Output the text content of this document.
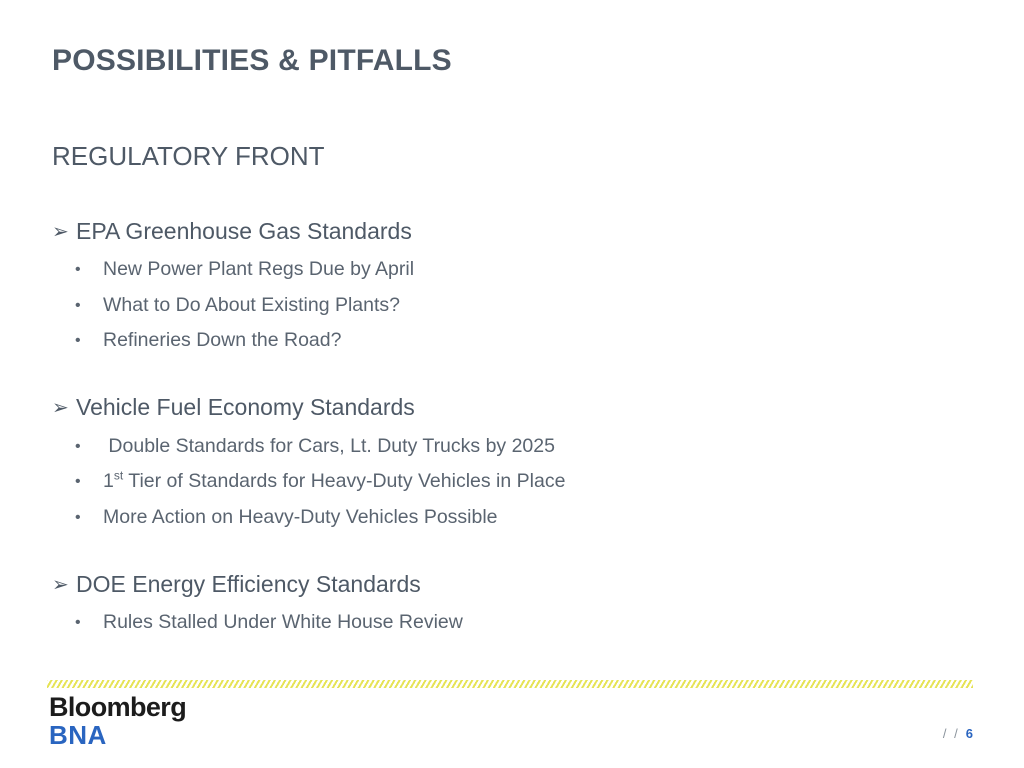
POSSIBILITIES & PITFALLS
REGULATORY FRONT
➢ EPA Greenhouse Gas Standards
• New Power Plant Regs Due by April
• What to Do About Existing Plants?
• Refineries Down the Road?
➢ Vehicle Fuel Economy Standards
• Double Standards for Cars, Lt. Duty Trucks by 2025
• 1st Tier of Standards for Heavy-Duty Vehicles in Place
• More Action on Heavy-Duty Vehicles Possible
➢ DOE Energy Efficiency Standards
• Rules Stalled Under White House Review
Bloomberg
BNA	/ / 6
